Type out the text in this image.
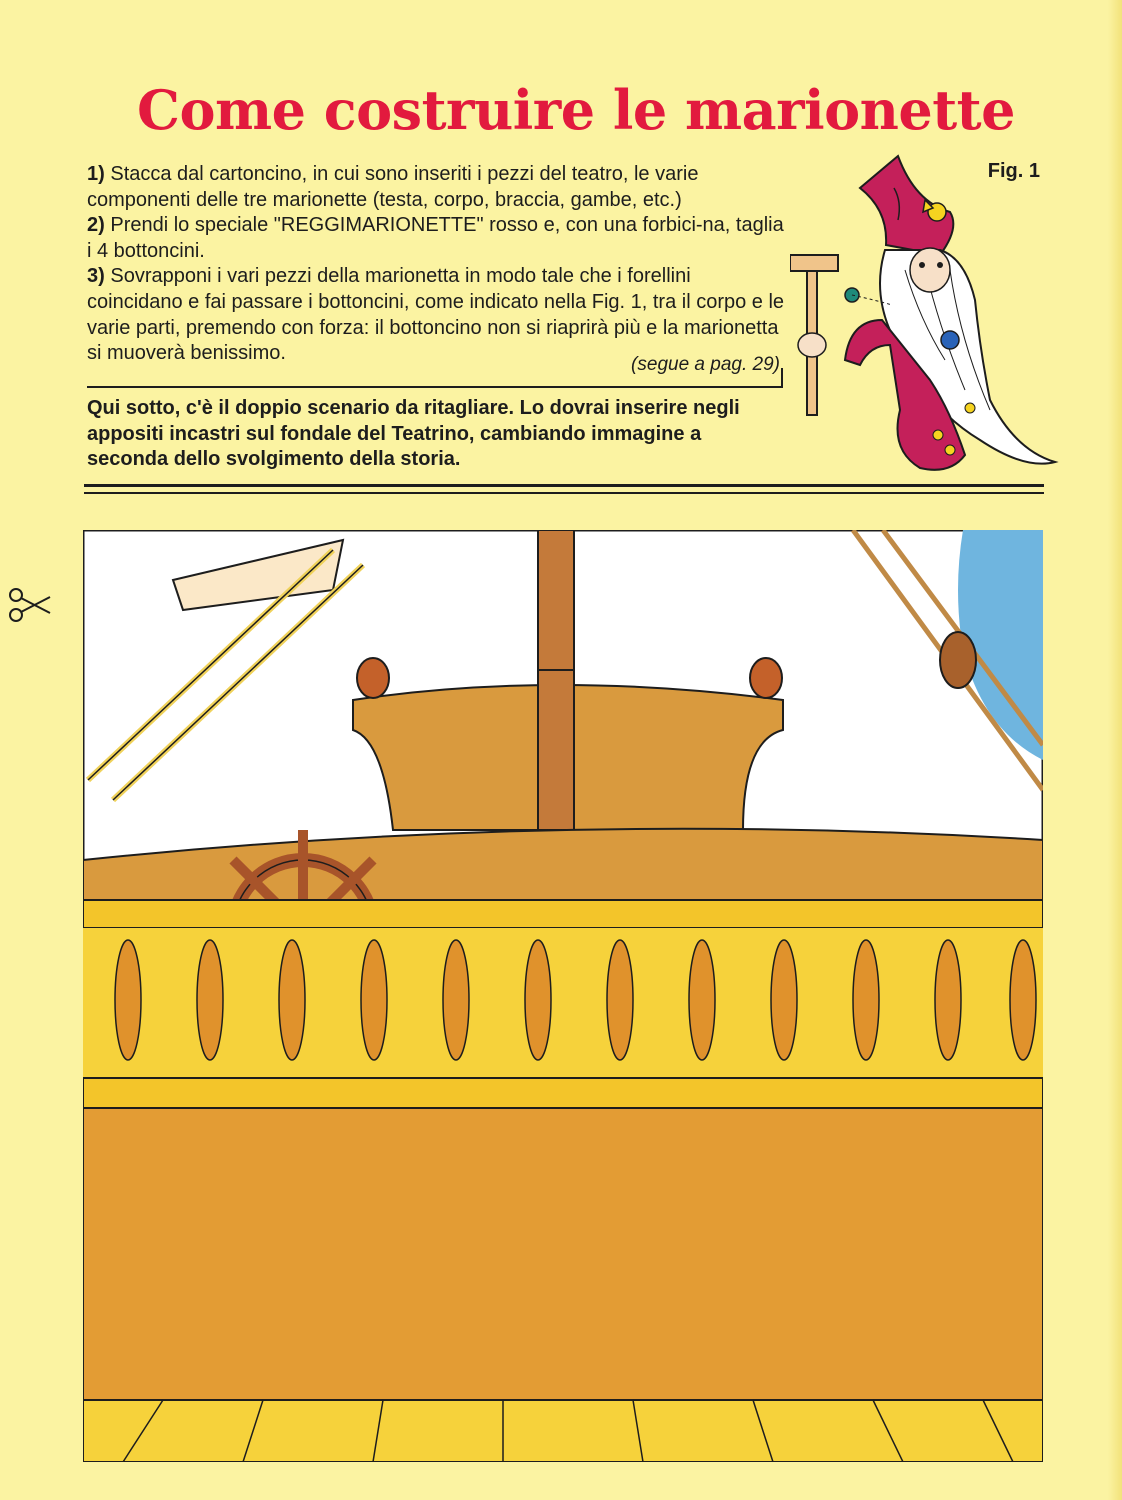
Come costruire le marionette

1) Stacca dal cartoncino, in cui sono inseriti i pezzi del teatro, le varie componenti delle tre marionette (testa, corpo, braccia, gambe, etc.)

2) Prendi lo speciale "REGGIMARIONETTE" rosso e, con una forbici-na, taglia i 4 bottoncini.

3) Sovrapponi i vari pezzi della marionetta in modo tale che i forellini coincidano e fai passare i bottoncini, come indicato nella Fig. 1, tra il corpo e le varie parti, premendo con forza: il bottoncino non si riaprirà più e la marionetta si muoverà benissimo.

(segue a pag. 29)
Fig. 1
Qui sotto, c'è il doppio scenario da ritagliare. Lo dovrai inserire negli appositi incastri sul fondale del Teatrino, cambiando immagine a seconda dello svolgimento della storia.
